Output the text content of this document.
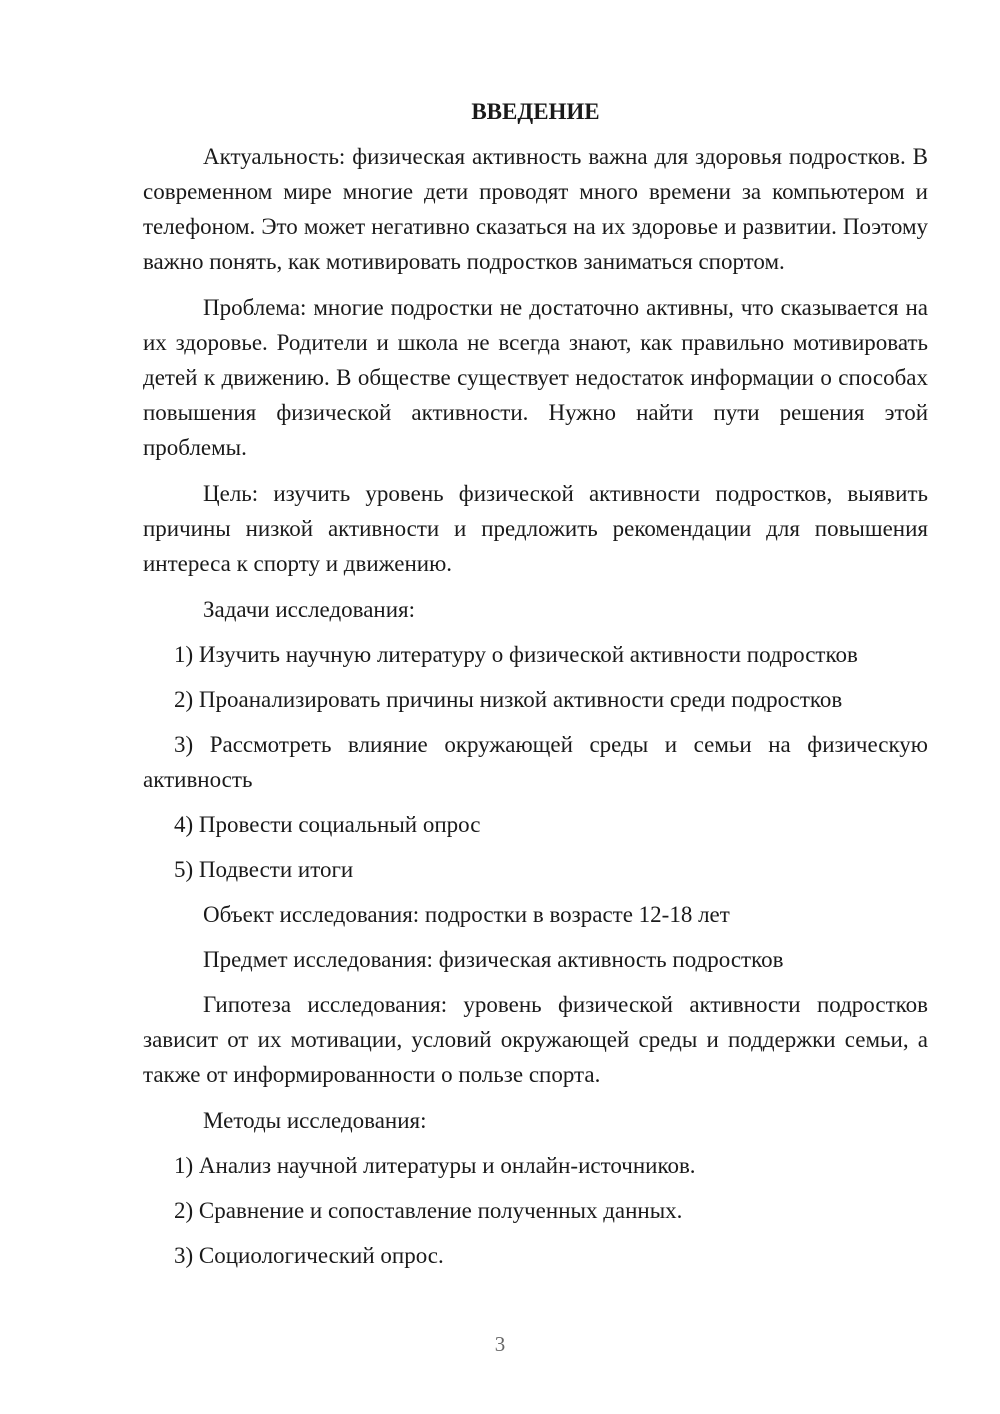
ВВЕДЕНИЕ
Актуальность: физическая активность важна для здоровья подростков. В современном мире многие дети проводят много времени за компьютером и телефоном. Это может негативно сказаться на их здоровье и развитии. Поэтому важно понять, как мотивировать подростков заниматься спортом.
Проблема: многие подростки не достаточно активны, что сказывается на их здоровье. Родители и школа не всегда знают, как правильно мотивировать детей к движению. В обществе существует недостаток информации о способах повышения физической активности. Нужно найти пути решения этой проблемы.
Цель: изучить уровень физической активности подростков, выявить причины низкой активности и предложить рекомендации для повышения интереса к спорту и движению.
Задачи исследования:
1) Изучить научную литературу о физической активности подростков
2) Проанализировать причины низкой активности среди подростков
3) Рассмотреть влияние окружающей среды и семьи на физическую активность
4) Провести социальный опрос
5) Подвести итоги
Объект исследования: подростки в возрасте 12-18 лет
Предмет исследования: физическая активность подростков
Гипотеза исследования: уровень физической активности подростков зависит от их мотивации, условий окружающей среды и поддержки семьи, а также от информированности о пользе спорта.
Методы исследования:
1) Анализ научной литературы и онлайн-источников.
2) Сравнение и сопоставление полученных данных.
3) Социологический опрос.
3
